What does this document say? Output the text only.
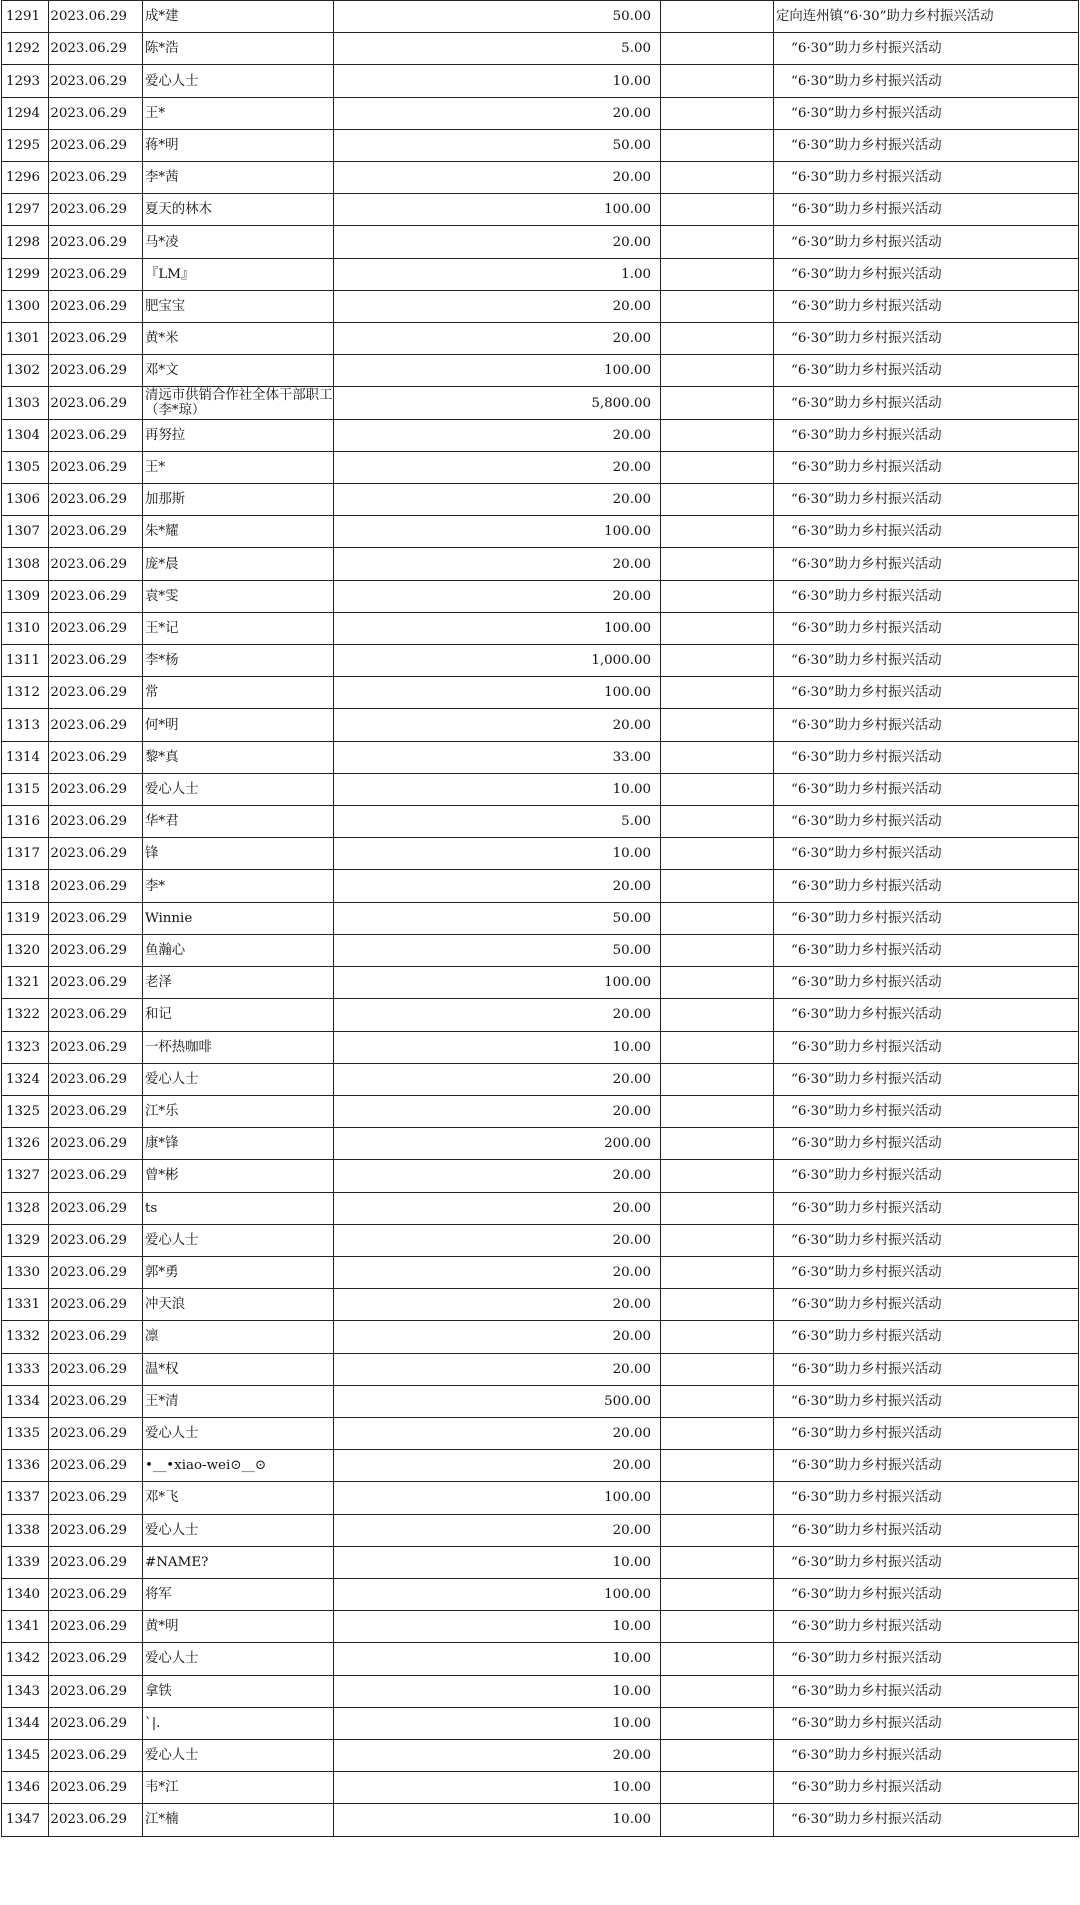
1291	2023.06.29	成*建	50.00		定向连州镇“6·30”助力乡村振兴活动
1292	2023.06.29	陈*浩	5.00		“6·30”助力乡村振兴活动
1293	2023.06.29	爱心人士	10.00		“6·30”助力乡村振兴活动
1294	2023.06.29	王*	20.00		“6·30”助力乡村振兴活动
1295	2023.06.29	蒋*明	50.00		“6·30”助力乡村振兴活动
1296	2023.06.29	李*茜	20.00		“6·30”助力乡村振兴活动
1297	2023.06.29	夏天的林木	100.00		“6·30”助力乡村振兴活动
1298	2023.06.29	马*凌	20.00		“6·30”助力乡村振兴活动
1299	2023.06.29	『LM』	1.00		“6·30”助力乡村振兴活动
1300	2023.06.29	肥宝宝	20.00		“6·30”助力乡村振兴活动
1301	2023.06.29	黄*米	20.00		“6·30”助力乡村振兴活动
1302	2023.06.29	邓*文	100.00		“6·30”助力乡村振兴活动
1303	2023.06.29	清远市供销合作社全体干部职工（李*琼）	5,800.00		“6·30”助力乡村振兴活动
1304	2023.06.29	再努拉	20.00		“6·30”助力乡村振兴活动
1305	2023.06.29	王*	20.00		“6·30”助力乡村振兴活动
1306	2023.06.29	加那斯	20.00		“6·30”助力乡村振兴活动
1307	2023.06.29	朱*耀	100.00		“6·30”助力乡村振兴活动
1308	2023.06.29	庞*晨	20.00		“6·30”助力乡村振兴活动
1309	2023.06.29	袁*雯	20.00		“6·30”助力乡村振兴活动
1310	2023.06.29	王*记	100.00		“6·30”助力乡村振兴活动
1311	2023.06.29	李*杨	1,000.00		“6·30”助力乡村振兴活动
1312	2023.06.29	常	100.00		“6·30”助力乡村振兴活动
1313	2023.06.29	何*明	20.00		“6·30”助力乡村振兴活动
1314	2023.06.29	黎*真	33.00		“6·30”助力乡村振兴活动
1315	2023.06.29	爱心人士	10.00		“6·30”助力乡村振兴活动
1316	2023.06.29	华*君	5.00		“6·30”助力乡村振兴活动
1317	2023.06.29	锋	10.00		“6·30”助力乡村振兴活动
1318	2023.06.29	李*	20.00		“6·30”助力乡村振兴活动
1319	2023.06.29	Winnie	50.00		“6·30”助力乡村振兴活动
1320	2023.06.29	鱼瀚心	50.00		“6·30”助力乡村振兴活动
1321	2023.06.29	老泽	100.00		“6·30”助力乡村振兴活动
1322	2023.06.29	和记	20.00		“6·30”助力乡村振兴活动
1323	2023.06.29	一杯热咖啡	10.00		“6·30”助力乡村振兴活动
1324	2023.06.29	爱心人士	20.00		“6·30”助力乡村振兴活动
1325	2023.06.29	江*乐	20.00		“6·30”助力乡村振兴活动
1326	2023.06.29	康*锋	200.00		“6·30”助力乡村振兴活动
1327	2023.06.29	曾*彬	20.00		“6·30”助力乡村振兴活动
1328	2023.06.29	ts	20.00		“6·30”助力乡村振兴活动
1329	2023.06.29	爱心人士	20.00		“6·30”助力乡村振兴活动
1330	2023.06.29	郭*勇	20.00		“6·30”助力乡村振兴活动
1331	2023.06.29	冲天浪	20.00		“6·30”助力乡村振兴活动
1332	2023.06.29	凛	20.00		“6·30”助力乡村振兴活动
1333	2023.06.29	温*权	20.00		“6·30”助力乡村振兴活动
1334	2023.06.29	王*清	500.00		“6·30”助力乡村振兴活动
1335	2023.06.29	爱心人士	20.00		“6·30”助力乡村振兴活动
1336	2023.06.29	•__•xiao-wei⊙__⊙	20.00		“6·30”助力乡村振兴活动
1337	2023.06.29	邓*飞	100.00		“6·30”助力乡村振兴活动
1338	2023.06.29	爱心人士	20.00		“6·30”助力乡村振兴活动
1339	2023.06.29	#NAME?	10.00		“6·30”助力乡村振兴活动
1340	2023.06.29	将军	100.00		“6·30”助力乡村振兴活动
1341	2023.06.29	黄*明	10.00		“6·30”助力乡村振兴活动
1342	2023.06.29	爱心人士	10.00		“6·30”助力乡村振兴活动
1343	2023.06.29	拿铁	10.00		“6·30”助力乡村振兴活动
1344	2023.06.29	ˋ|.	10.00		“6·30”助力乡村振兴活动
1345	2023.06.29	爱心人士	20.00		“6·30”助力乡村振兴活动
1346	2023.06.29	韦*江	10.00		“6·30”助力乡村振兴活动
1347	2023.06.29	江*楠	10.00		“6·30”助力乡村振兴活动
